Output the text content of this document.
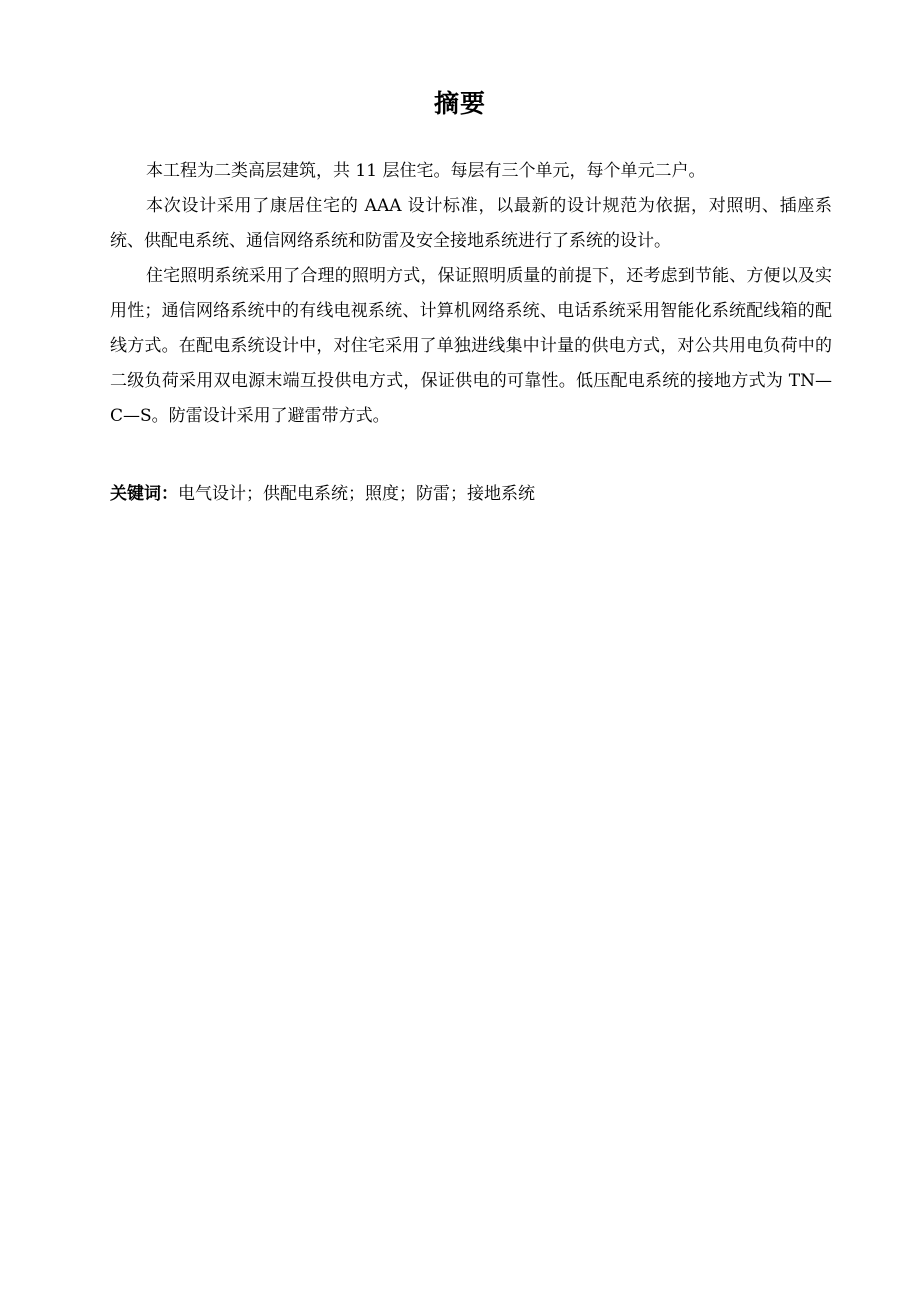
摘要

本工程为二类高层建筑，共 11 层住宅。每层有三个单元，每个单元二户。

本次设计采用了康居住宅的 AAA 设计标准，以最新的设计规范为依据，对照明、插座系统、供配电系统、通信网络系统和防雷及安全接地系统进行了系统的设计。

住宅照明系统采用了合理的照明方式，保证照明质量的前提下，还考虑到节能、方便以及实用性；通信网络系统中的有线电视系统、计算机网络系统、电话系统采用智能化系统配线箱的配线方式。在配电系统设计中，对住宅采用了单独进线集中计量的供电方式，对公共用电负荷中的二级负荷采用双电源末端互投供电方式，保证供电的可靠性。低压配电系统的接地方式为 TN—C—S。防雷设计采用了避雷带方式。

关键词：电气设计；供配电系统；照度；防雷；接地系统
